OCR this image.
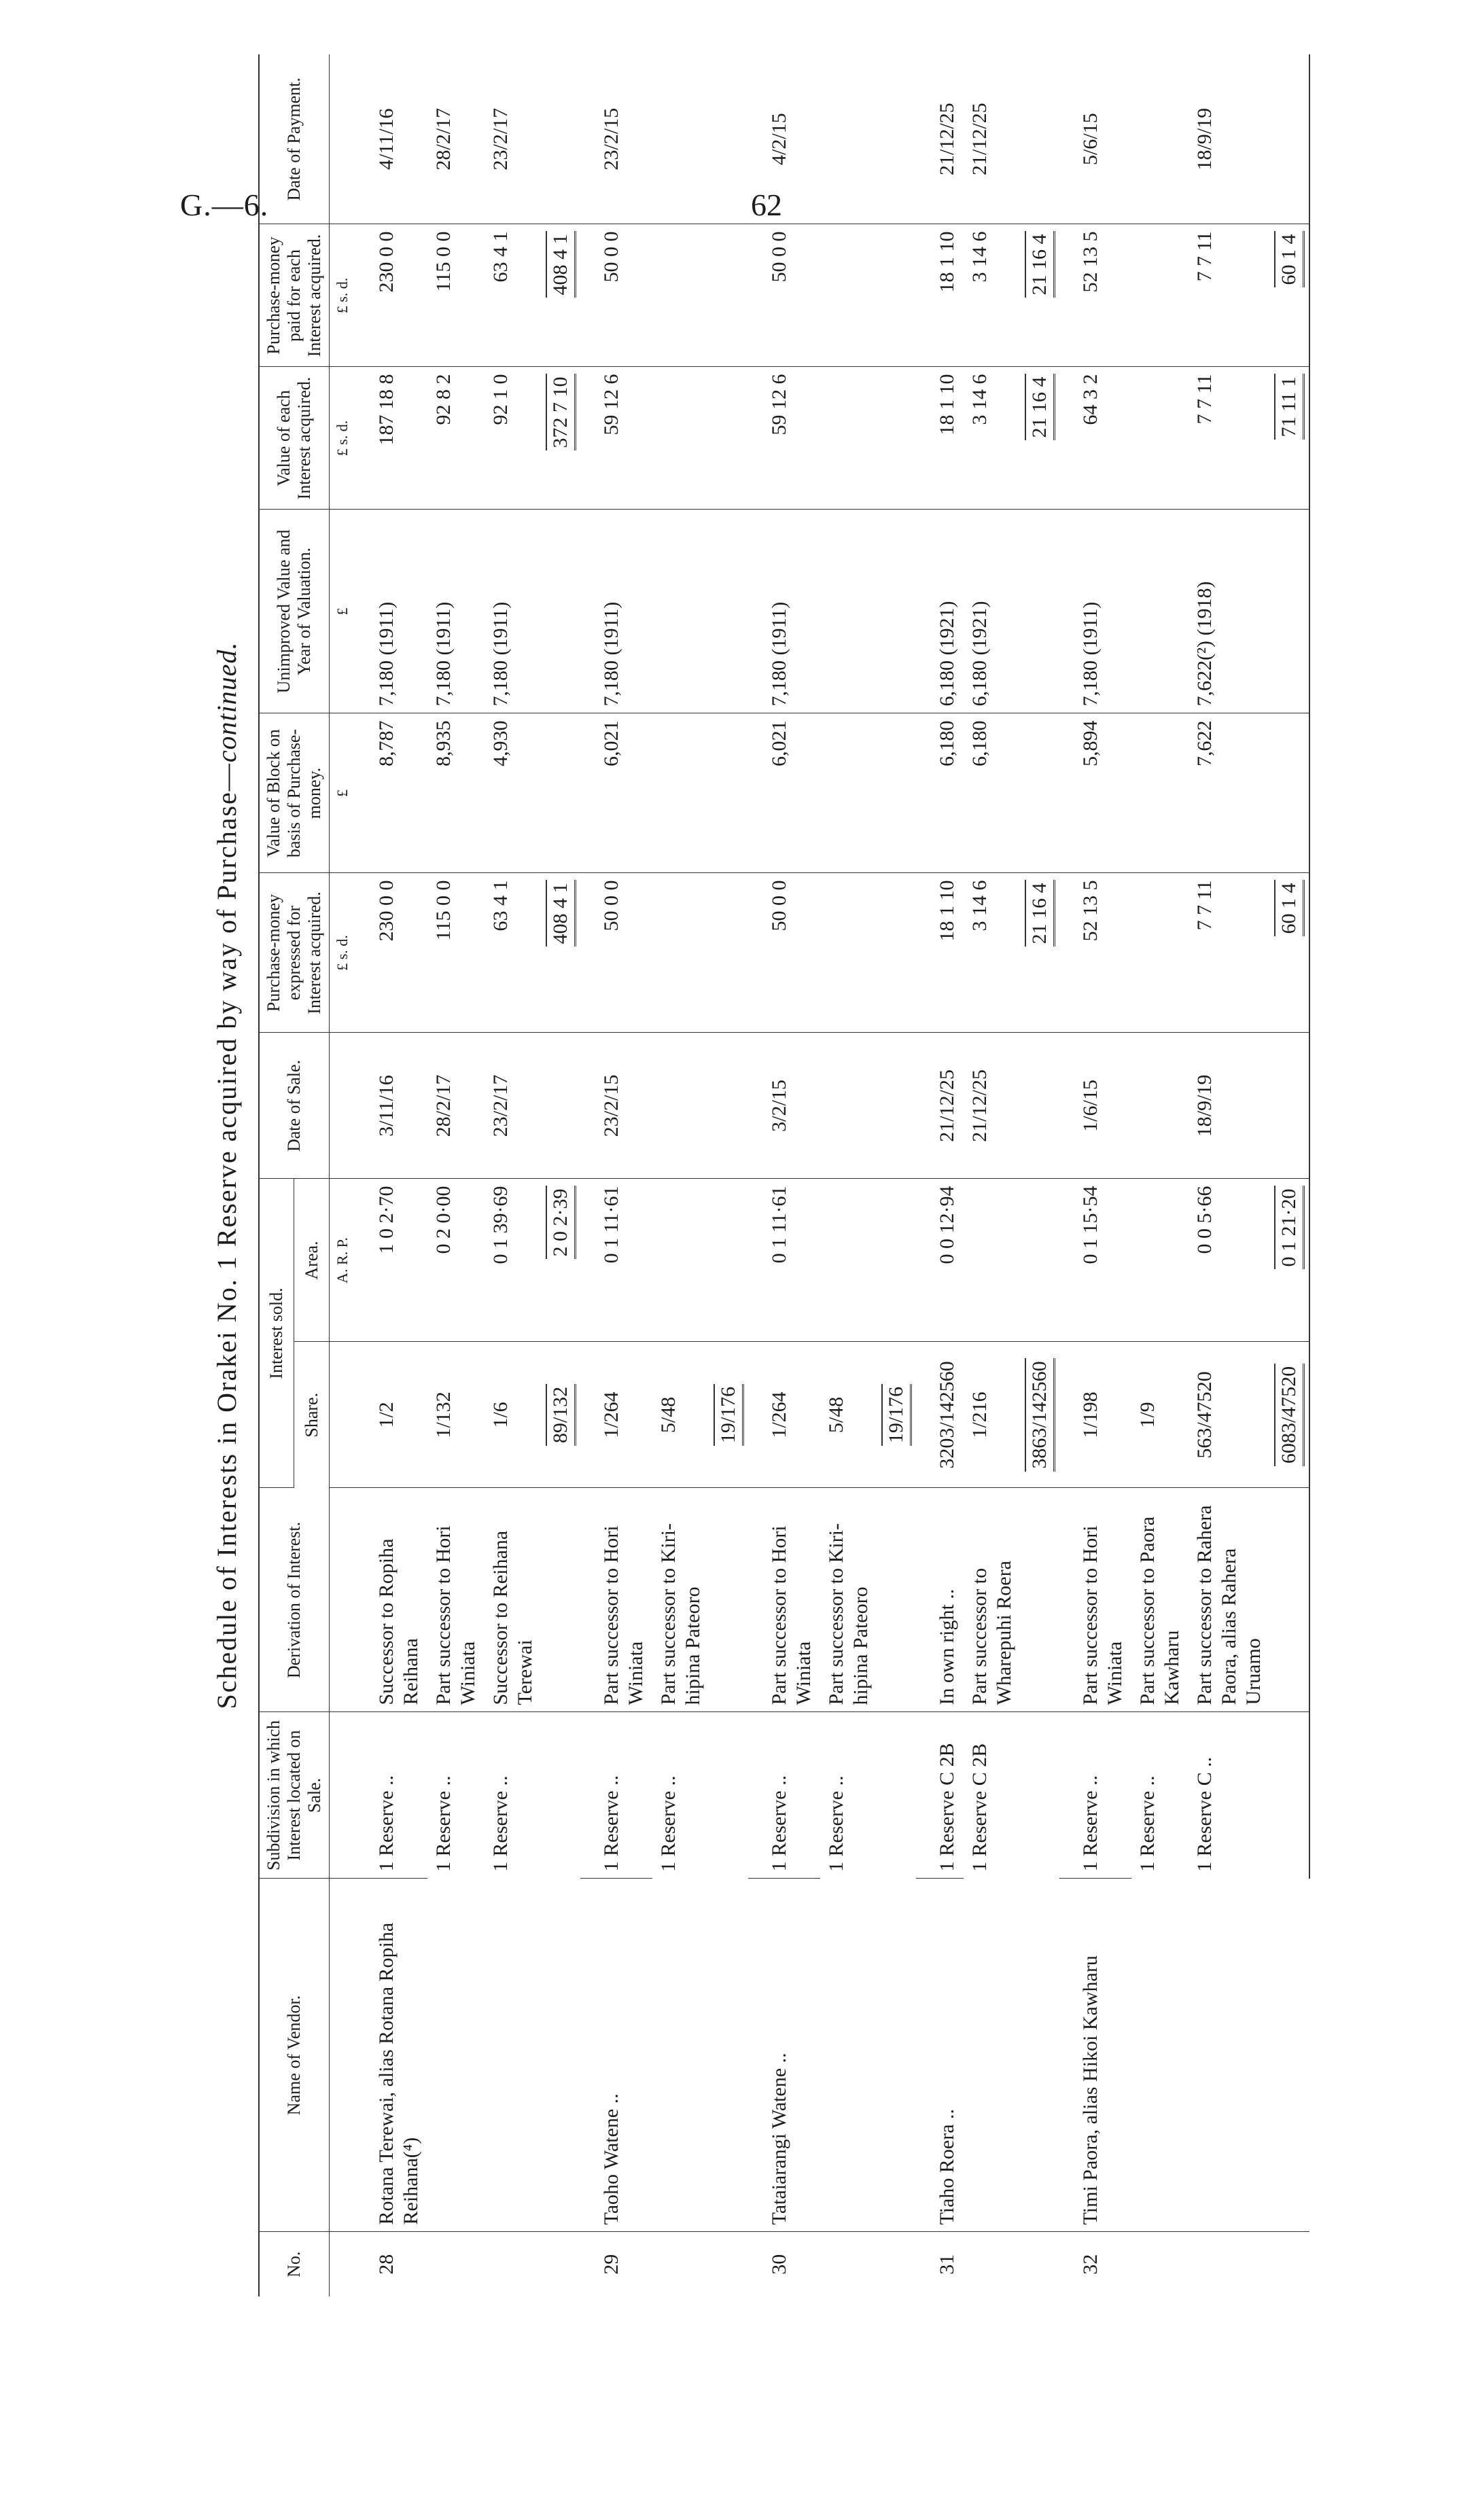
G.—6.	62
Schedule of Interests in Orakei No. 1 Reserve acquired by way of Purchase—continued.
No.	Name of Vendor.	Subdivision in which Interest located on Sale.	Derivation of Interest.	Interest sold.		Date of Sale.	Purchase-money expressed for Interest acquired.	Value of Block on basis of Purchase-money.	Unimproved Value and Year of Valuation.	Value of each Interest acquired.	Purchase-money paid for each Interest acquired.	Date of Payment.
				Share.	Area.							
					A. R. P.		£ s. d.	£	£	£ s. d.	£ s. d.	
28	Rotana Terewai, alias Rotana Ropiha Reihana(⁴)	1 Reserve ..	Successor to Ropiha Reihana	1/2	1 0 2·70	3/11/16	230 0 0	8,787	7,180 (1911)	187 18 8	230 0 0	4/11/16
		1 Reserve ..	Part successor to Hori Winiata	1/132	0 2 0·00	28/2/17	115 0 0	8,935	7,180 (1911)	92 8 2	115 0 0	28/2/17
		1 Reserve ..	Successor to Reihana Terewai	1/6	0 1 39·69	23/2/17	63 4 1	4,930	7,180 (1911)	92 1 0	63 4 1	23/2/17
				89/132	2 0 2·39		408 4 1			372 7 10	408 4 1	
29	Taoho Watene ..	1 Reserve ..	Part successor to Hori Winiata	1/264	0 1 11·61	23/2/15	50 0 0	6,021	7,180 (1911)	59 12 6	50 0 0	23/2/15
		1 Reserve ..	Part successor to Kiri-hipina Pateoro	5/48								
				19/176								
30	Tataiarangi Watene ..	1 Reserve ..	Part successor to Hori Winiata	1/264	0 1 11·61	3/2/15	50 0 0	6,021	7,180 (1911)	59 12 6	50 0 0	4/2/15
		1 Reserve ..	Part successor to Kiri-hipina Pateoro	5/48								
				19/176								
31	Tiaho Roera ..	1 Reserve C 2B	In own right ..	3203/142560	0 0 12·94	21/12/25	18 1 10	6,180	6,180 (1921)	18 1 10	18 1 10	21/12/25
		1 Reserve C 2B	Part successor to Wharepuhi Roera	1/216		21/12/25	3 14 6	6,180	6,180 (1921)	3 14 6	3 14 6	21/12/25
				3863/142560			21 16 4			21 16 4	21 16 4	
32	Timi Paora, alias Hikoi Kawharu	1 Reserve ..	Part successor to Hori Winiata	1/198	0 1 15·54	1/6/15	52 13 5	5,894	7,180 (1911)	64 3 2	52 13 5	5/6/15
		1 Reserve ..	Part successor to Paora Kawharu	1/9								
		1 Reserve C ..	Part successor to Rahera Paora, alias Rahera Uruamo	563/47520	0 0 5·66	18/9/19	7 7 11	7,622	7,622(²) (1918)	7 7 11	7 7 11	18/9/19
				6083/47520	0 1 21·20		60 1 4			71 11 1	60 1 4	
